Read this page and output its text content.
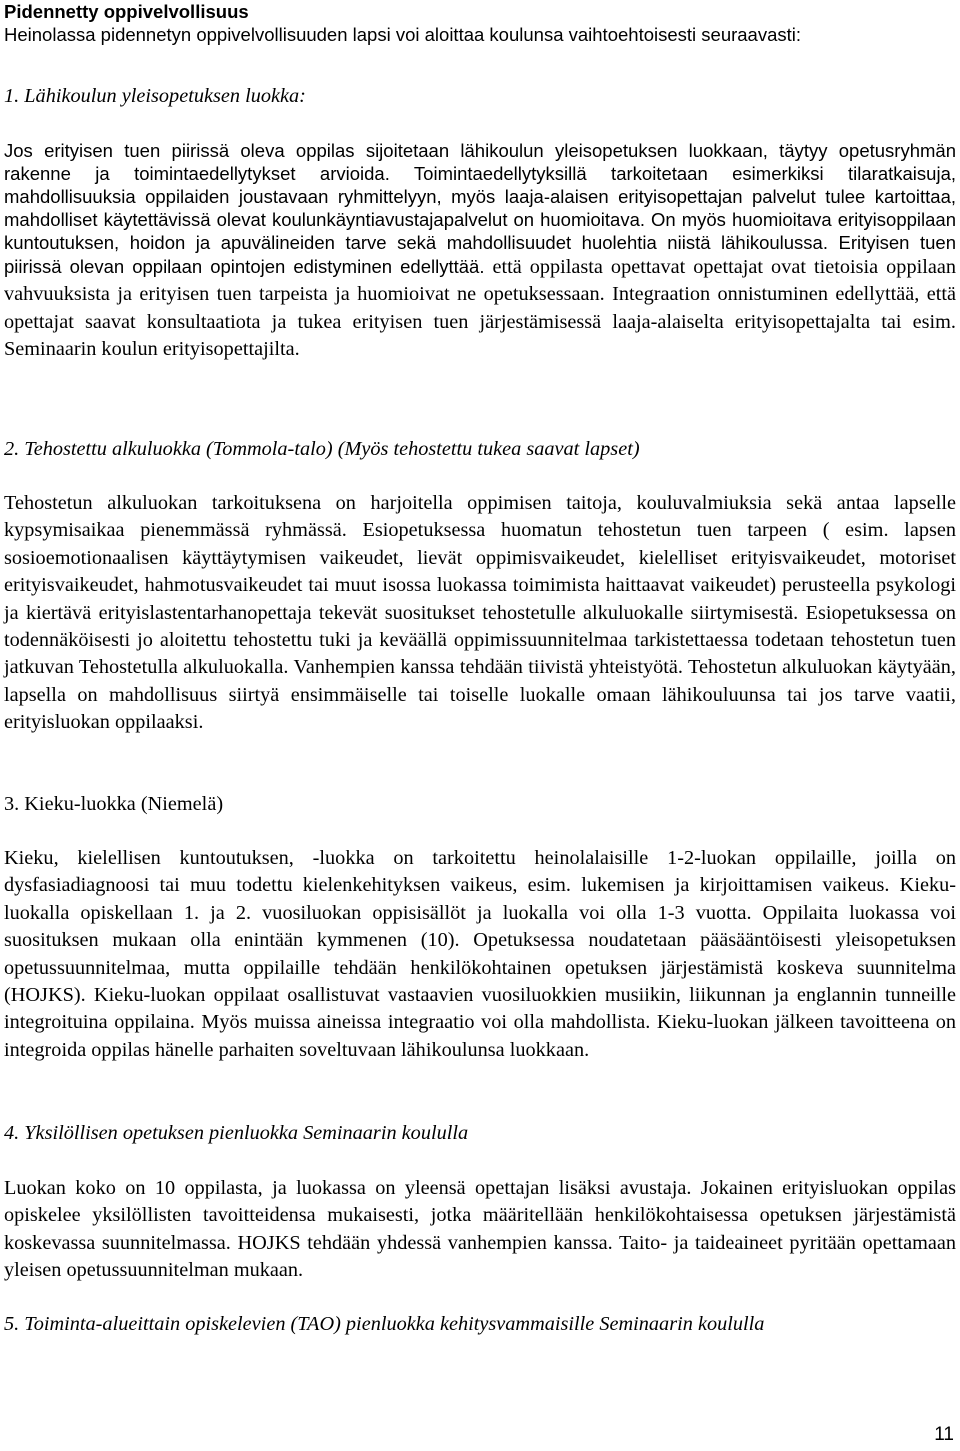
Pidennetty oppivelvollisuus

Heinolassa pidennetyn oppivelvollisuuden lapsi voi aloittaa koulunsa vaihtoehtoisesti seuraavasti:

1. Lähikoulun yleisopetuksen luokka:

Jos erityisen tuen piirissä oleva oppilas sijoitetaan lähikoulun yleisopetuksen luokkaan, täytyy opetusryhmän rakenne ja toimintaedellytykset arvioida. Toimintaedellytyksillä tarkoitetaan esimerkiksi tilaratkaisuja, mahdollisuuksia oppilaiden joustavaan ryhmittelyyn, myös laaja-alaisen erityisopettajan palvelut tulee kartoittaa, mahdolliset käytettävissä olevat koulunkäyntiavustajapalvelut on huomioitava. On myös huomioitava erityisoppilaan kuntoutuksen, hoidon ja apuvälineiden tarve sekä mahdollisuudet huolehtia niistä lähikoulussa. Erityisen tuen piirissä olevan oppilaan opintojen edistyminen edellyttää. että oppilasta opettavat opettajat ovat tietoisia oppilaan vahvuuksista ja erityisen tuen tarpeista ja huomioivat ne opetuksessaan. Integraation onnistuminen edellyttää, että opettajat saavat konsultaatiota ja tukea erityisen tuen järjestämisessä laaja-alaiselta erityisopettajalta tai esim. Seminaarin koulun erityisopettajilta.

2. Tehostettu alkuluokka (Tommola-talo) (Myös tehostettu tukea saavat lapset)

Tehostetun alkuluokan tarkoituksena on harjoitella oppimisen taitoja, kouluvalmiuksia sekä antaa lapselle kypsymisaikaa pienemmässä ryhmässä. Esiopetuksessa huomatun tehostetun tuen tarpeen ( esim. lapsen sosioemotionaalisen käyttäytymisen vaikeudet, lievät oppimisvaikeudet, kielelliset erityisvaikeudet, motoriset erityisvaikeudet, hahmotusvaikeudet tai muut isossa luokassa toimimista haittaavat vaikeudet) perusteella psykologi ja kiertävä erityislastentarhanopettaja tekevät suositukset tehostetulle alkuluokalle siirtymisestä. Esiopetuksessa on todennäköisesti jo aloitettu tehostettu tuki ja keväällä oppimissuunnitelmaa tarkistettaessa todetaan tehostetun tuen jatkuvan Tehostetulla alkuluokalla. Vanhempien kanssa tehdään tiivistä yhteistyötä. Tehostetun alkuluokan käytyään, lapsella on mahdollisuus siirtyä ensimmäiselle tai toiselle luokalle omaan lähikouluunsa tai jos tarve vaatii, erityisluokan oppilaaksi.

3. Kieku-luokka (Niemelä)

Kieku, kielellisen kuntoutuksen, -luokka on tarkoitettu heinolalaisille 1-2-luokan oppilaille, joilla on dysfasiadiagnoosi tai muu todettu kielenkehityksen vaikeus, esim. lukemisen ja kirjoittamisen vaikeus. Kieku-luokalla opiskellaan 1. ja 2. vuosiluokan oppisisällöt ja luokalla voi olla 1-3 vuotta. Oppilaita luokassa voi suosituksen mukaan olla enintään kymmenen (10). Opetuksessa noudatetaan pääsääntöisesti yleisopetuksen opetussuunnitelmaa, mutta oppilaille tehdään henkilökohtainen opetuksen järjestämistä koskeva suunnitelma (HOJKS). Kieku-luokan oppilaat osallistuvat vastaavien vuosiluokkien musiikin, liikunnan ja englannin tunneille integroituina oppilaina. Myös muissa aineissa integraatio voi olla mahdollista. Kieku-luokan jälkeen tavoitteena on integroida oppilas hänelle parhaiten soveltuvaan lähikoulunsa luokkaan.

4. Yksilöllisen opetuksen pienluokka Seminaarin koululla

Luokan koko on 10 oppilasta, ja luokassa on yleensä opettajan lisäksi avustaja. Jokainen erityisluokan oppilas opiskelee yksilöllisten tavoitteidensa mukaisesti, jotka määritellään henkilökohtaisessa opetuksen järjestämistä koskevassa suunnitelmassa. HOJKS tehdään yhdessä vanhempien kanssa. Taito- ja taideaineet pyritään opettamaan yleisen opetussuunnitelman mukaan.

5. Toiminta-alueittain opiskelevien (TAO) pienluokka kehitysvammaisille Seminaarin koululla

11
